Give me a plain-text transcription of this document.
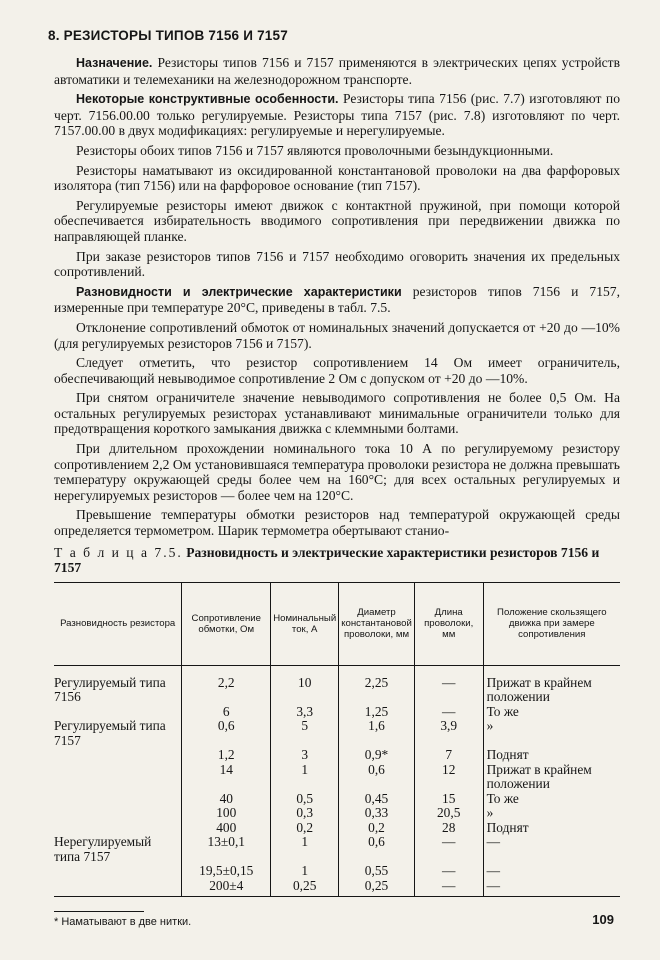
8. РЕЗИСТОРЫ ТИПОВ 7156 И 7157

Назначение. Резисторы типов 7156 и 7157 применяются в электрических цепях устройств автоматики и телемеханики на железнодорожном транспорте.

Некоторые конструктивные особенности. Резисторы типа 7156 (рис. 7.7) изготовляют по черт. 7156.00.00 только регулируемые. Резисторы типа 7157 (рис. 7.8) изготовляют по черт. 7157.00.00 в двух модификациях: регулируемые и нерегулируемые.

Резисторы обоих типов 7156 и 7157 являются проволочными безындукционными.

Резисторы наматывают из оксидированной константановой проволоки на два фарфоровых изолятора (тип 7156) или на фарфоровое основание (тип 7157).

Регулируемые резисторы имеют движок с контактной пружиной, при помощи которой обеспечивается избирательность вводимого сопротивления при передвижении движка по направляющей планке.

При заказе резисторов типов 7156 и 7157 необходимо оговорить значения их предельных сопротивлений.

Разновидности и электрические характеристики резисторов типов 7156 и 7157, измеренные при температуре 20°С, приведены в табл. 7.5.

Отклонение сопротивлений обмоток от номинальных значений допускается от +20 до —10% (для регулируемых резисторов 7156 и 7157).

Следует отметить, что резистор сопротивлением 14 Ом имеет ограничитель, обеспечивающий невыводимое сопротивление 2 Ом с допуском от +20 до —10%.

При снятом ограничителе значение невыводимого сопротивления не более 0,5 Ом. На остальных регулируемых резисторах устанавливают минимальные ограничители только для предотвращения короткого замыкания движка с клеммными болтами.

При длительном прохождении номинального тока 10 А по регулируемому резистору сопротивлением 2,2 Ом установившаяся температура проволоки резистора не должна превышать температуру окружающей среды более чем на 160°С; для всех остальных регулируемых и нерегулируемых резисторов — более чем на 120°С.

Превышение температуры обмотки резисторов над температурой окружающей среды определяется термометром. Шарик термометра обертывают станио-

Т а б л и ц а 7.5. Разновидность и электрические характеристики резисторов 7156 и 7157
Разновидность резистора	Сопротивление обмотки, Ом	Номинальный ток, А	Диаметр константановой проволоки, мм	Длина проволоки, мм	Положение скользящего движка при замере сопротивления
Регулируемый типа 7156	2,2	10	2,25	—	Прижат в крайнем положении
	6	3,3	1,25	—	То же
Регулируемый типа 7157	0,6	5	1,6	3,9	»
	1,2	3	0,9*	7	Поднят
	14	1	0,6	12	Прижат в крайнем положении
	40	0,5	0,45	15	То же
	100	0,3	0,33	20,5	»
	400	0,2	0,2	28	Поднят
Нерегулируемый типа 7157	13±0,1	1	0,6	—	—
	19,5±0,15	1	0,55	—	—
	200±4	0,25	0,25	—	—
* Наматывают в две нитки.	109
